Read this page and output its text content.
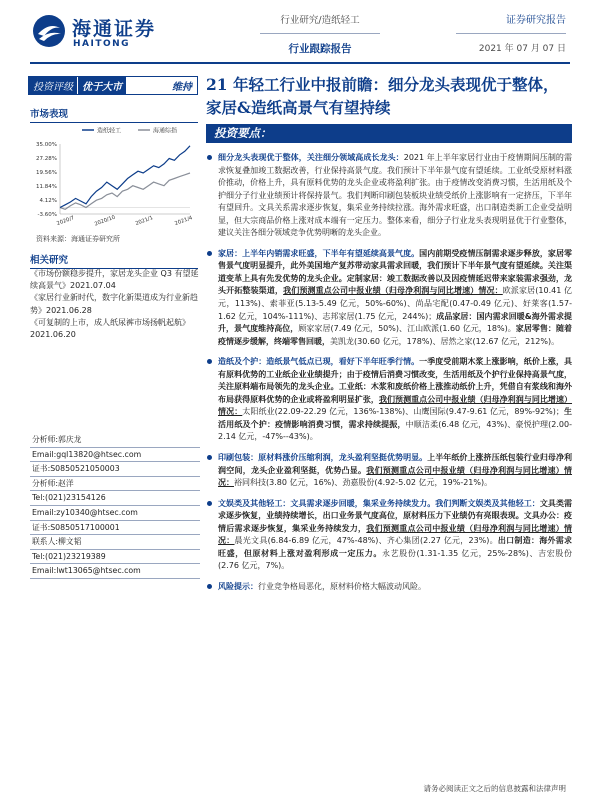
海通证券
HAITONG
行业研究/造纸轻工
行业跟踪报告
证券研究报告
2021 年 07 月 07 日
投资评级 优于大市	维持
市场表现
造纸轻工	海通综指
35.00%
27.28%
19.56%
11.84%
4.12%
-3.60%
2020/7	2020/10	2021/1	2021/4
资料来源：海通证券研究所
相关研究
《市场份额稳步提升，家居龙头企业 Q3 有望延续高景气》2021.07.04
《家居行业新时代，数字化新渠道成为行业新趋势》2021.06.28
《可复制的上市，成人纸尿裤市场扬帆起航》2021.06.20
分析师:郭庆龙
Email:gql13820@htsec.com
证书:S0850521050003
分析师:赵洋
Tel:(021)23154126
Email:zy10340@htsec.com
证书:S0850517100001
联系人:柳文韬
Tel:(021)23219389
Email:lwt13065@htsec.com
21 年轻工行业中报前瞻：细分龙头表现优于整体，家居&造纸高景气有望持续
投资要点：
细分龙头表现优于整体，关注细分领域高成长龙头：2021 年上半年家居行业由于疫情期间压制的需求恢复叠加竣工数据改善，行业保持高景气度。我们预计下半年景气度有望延续。工业纸受原材料涨价推动，价格上升，具有原料优势的龙头企业或将盈利扩张。由于疫情改变消费习惯，生活用纸及个护细分子行业业绩预计将保持景气。我们判断印刷包装板块业绩受纸价上涨影响有一定挤压，下半年有望回升。文具关系需求逐步恢复，集采业务持续拉涨。海外需求旺盛，出口制造类新工企业受益明显，但大宗商品价格上涨对成本端有一定压力。整体来看，细分子行业龙头表现明显优于行业整体，建议关注各细分领域竞争优势明晰的龙头企业。
家居：上半年内销需求旺盛，下半年有望延续高景气度。国内前期受疫情压制需求逐步释放，家居零售景气度明显提升，此外美国地产复苏带动家具需求回暖，我们预计下半年景气度有望延续。关注渠道变革上具有先发优势的龙头企业。定制家居：竣工数据改善以及因疫情延迟带来家装需求强劲，龙头开拓整装渠道，我们预测重点公司中报业绩（归母净利润与同比增速）情况：欧派家居(10.41 亿元，113%)、索菲亚(5.13-5.49 亿元，50%-60%)、尚品宅配(0.47-0.49 亿元)、好莱客(1.57-1.62 亿元，104%-111%)、志邦家居(1.75 亿元，244%)；成品家居：国内需求回暖&海外需求提升，景气度维持高位，顾家家居(7.49 亿元，50%)、江山欧派(1.60 亿元，18%)。家居零售：随着疫情逐步缓解，终端零售回暖，美凯龙(30.60 亿元，178%)、居然之家(12.67 亿元，212%)。
造纸及个护：造纸景气低点已现，看好下半年旺季行情。一季度受前期木浆上涨影响，纸价上涨，具有原料优势的工业纸企业业绩提升；由于疫情后消费习惯改变，生活用纸及个护行业保持高景气度，关注原料端布局领先的龙头企业。工业纸：木浆和废纸价格上涨推动纸价上升，凭借自有浆线和海外布局获得原料优势的企业或将盈利明显扩张，我们预测重点公司中报业绩（归母净利润与同比增速）情况：太阳纸业(22.09-22.29 亿元，136%-138%)、山鹰国际(9.47-9.61 亿元，89%-92%)；生活用纸及个护：疫情影响消费习惯，需求持续提振，中顺洁柔(6.48 亿元，43%)、豪悦护理(2.00-2.14 亿元，-47%--43%)。
印刷包装：原材料涨价压缩利润，龙头盈利坚挺优势明显。上半年纸价上涨挤压纸包装行业归母净利润空间，龙头企业盈利坚挺，优势凸显。我们预测重点公司中报业绩（归母净利润与同比增速）情况：裕同科技(3.80 亿元，16%)、劲嘉股份(4.92-5.02 亿元，19%-21%)。
文娱类及其他轻工：文具需求逐步回暖，集采业务持续发力。我们判断文娱类及其他轻工：文具类需求逐步恢复，业绩持续增长，出口业务景气度高位，原材料压力下业绩仍有亮眼表现。文具办公：疫情后需求逐步恢复，集采业务持续发力，我们预测重点公司中报业绩（归母净利润与同比增速）情况：晨光文具(6.84-6.89 亿元，47%-48%)、齐心集团(2.27 亿元，23%)。出口制造：海外需求旺盛，但原材料上涨对盈利形成一定压力。永艺股份(1.31-1.35 亿元，25%-28%)、吉宏股份(2.76 亿元，7%)。
风险提示：行业竞争格局恶化，原材料价格大幅波动风险。
请务必阅读正文之后的信息披露和法律声明
